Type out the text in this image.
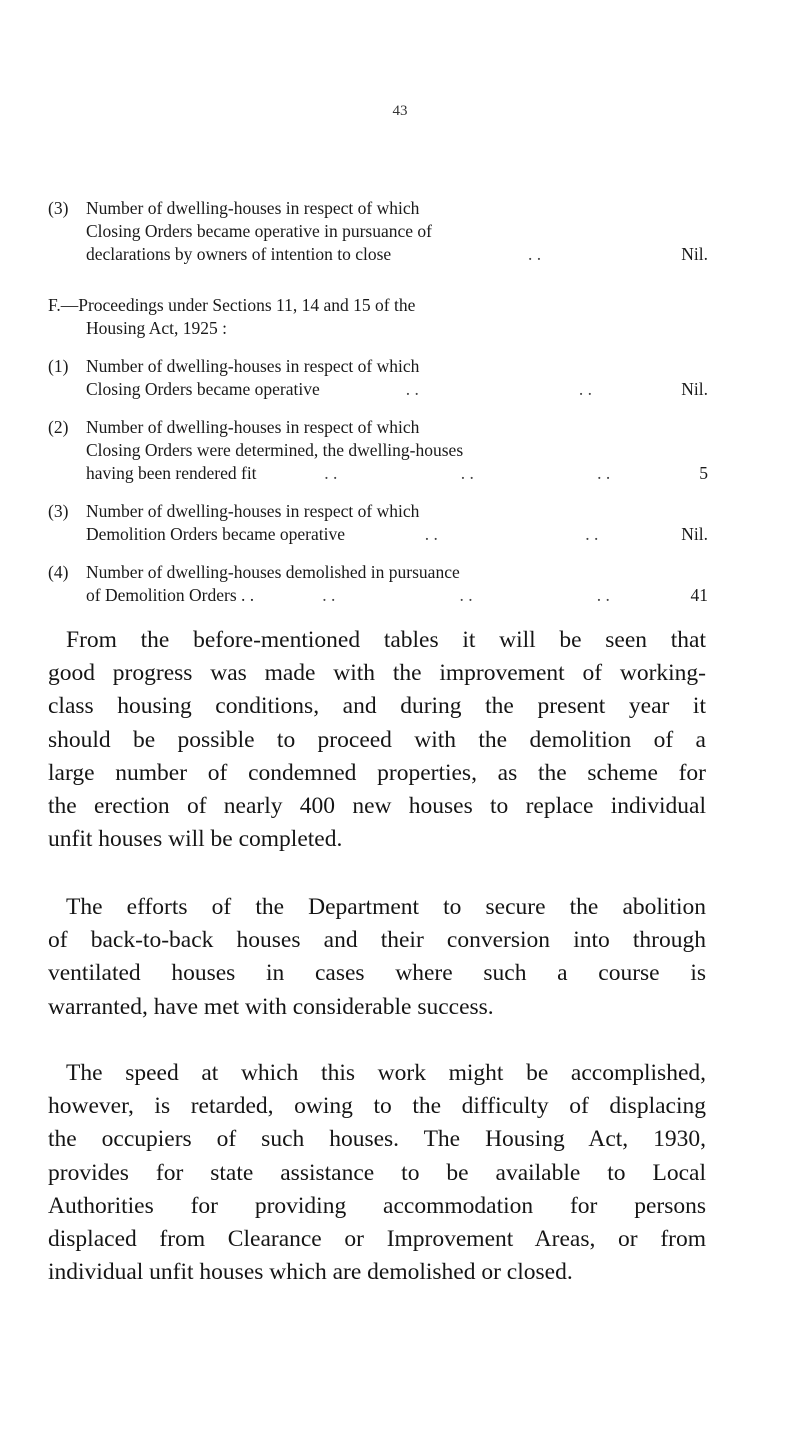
43
(3) Number of dwelling-houses in respect of which
Closing Orders became operative in pursuance of
declarations by owners of intention to close	. .	Nil.
F.—Proceedings under Sections 11, 14 and 15 of the
Housing Act, 1925 :
(1) Number of dwelling-houses in respect of which
Closing Orders became operative	. .	. .	Nil.
(2) Number of dwelling-houses in respect of which
Closing Orders were determined, the dwelling-houses
having been rendered fit	. .	. .	. .	5
(3) Number of dwelling-houses in respect of which
Demolition Orders became operative	. .	. .	Nil.
(4) Number of dwelling-houses demolished in pursuance
of Demolition Orders . .	. .	. .	. .	41
From the before-mentioned tables it will be seen that
good progress was made with the improvement of working-
class housing conditions, and during the present year it
should be possible to proceed with the demolition of a
large number of condemned properties, as the scheme for
the erection of nearly 400 new houses to replace individual
unfit houses will be completed.
The efforts of the Department to secure the abolition
of back-to-back houses and their conversion into through
ventilated houses in cases where such a course is
warranted, have met with considerable success.
The speed at which this work might be accomplished,
however, is retarded, owing to the difficulty of displacing
the occupiers of such houses. The Housing Act, 1930,
provides for state assistance to be available to Local
Authorities for providing accommodation for persons
displaced from Clearance or Improvement Areas, or from
individual unfit houses which are demolished or closed.
